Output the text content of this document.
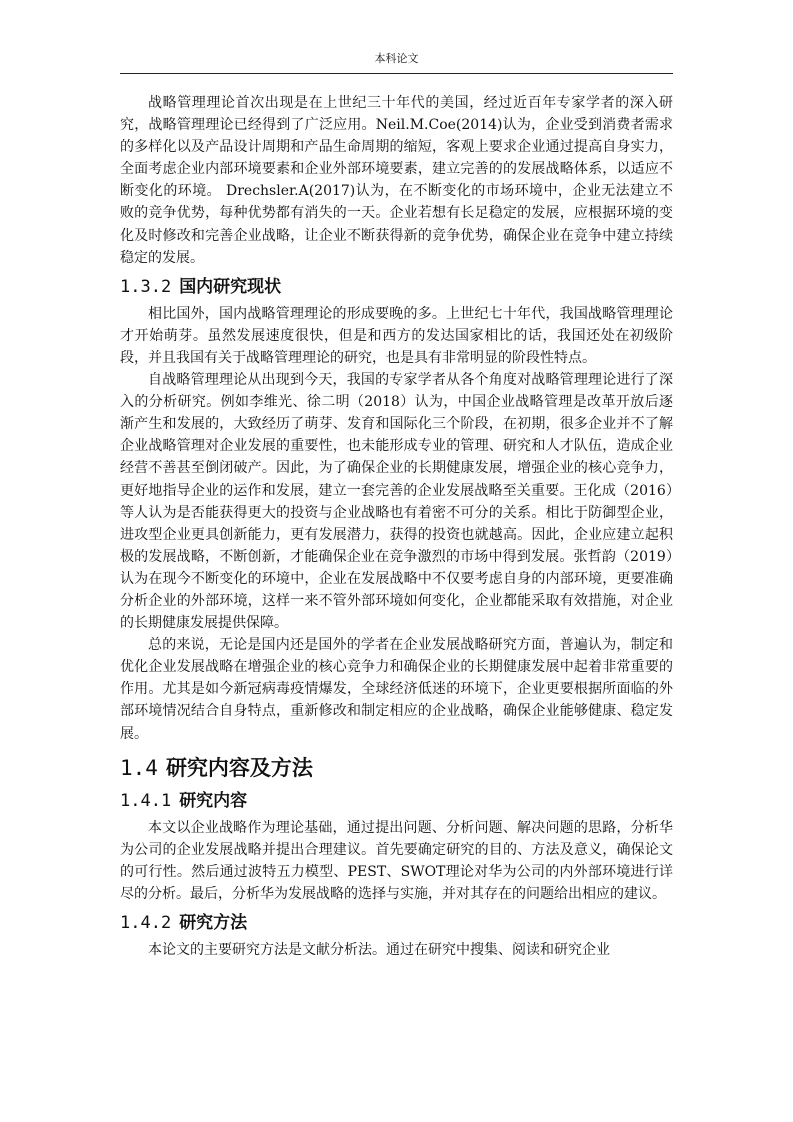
本科论文

战略管理理论首次出现是在上世纪三十年代的美国，经过近百年专家学者的深入研究，战略管理理论已经得到了广泛应用。Neil.M.Coe(2014)认为，企业受到消费者需求的多样化以及产品设计周期和产品生命周期的缩短，客观上要求企业通过提高自身实力，全面考虑企业内部环境要素和企业外部环境要素，建立完善的的发展战略体系，以适应不断变化的环境。 Drechsler.A(2017)认为，在不断变化的市场环境中，企业无法建立不败的竞争优势，每种优势都有消失的一天。企业若想有长足稳定的发展，应根据环境的变化及时修改和完善企业战略，让企业不断获得新的竞争优势，确保企业在竞争中建立持续稳定的发展。

1.3.2 国内研究现状

相比国外，国内战略管理理论的形成要晚的多。上世纪七十年代，我国战略管理理论才开始萌芽。虽然发展速度很快，但是和西方的发达国家相比的话，我国还处在初级阶段，并且我国有关于战略管理理论的研究，也是具有非常明显的阶段性特点。

自战略管理理论从出现到今天，我国的专家学者从各个角度对战略管理理论进行了深入的分析研究。例如李维光、徐二明（2018）认为，中国企业战略管理是改革开放后逐渐产生和发展的，大致经历了萌芽、发育和国际化三个阶段，在初期，很多企业并不了解企业战略管理对企业发展的重要性，也未能形成专业的管理、研究和人才队伍，造成企业经营不善甚至倒闭破产。因此，为了确保企业的长期健康发展，增强企业的核心竞争力，更好地指导企业的运作和发展，建立一套完善的企业发展战略至关重要。王化成（2016）等人认为是否能获得更大的投资与企业战略也有着密不可分的关系。相比于防御型企业，进攻型企业更具创新能力，更有发展潜力，获得的投资也就越高。因此，企业应建立起积极的发展战略，不断创新，才能确保企业在竞争激烈的市场中得到发展。张哲韵（2019）认为在现今不断变化的环境中，企业在发展战略中不仅要考虑自身的内部环境，更要准确分析企业的外部环境，这样一来不管外部环境如何变化，企业都能采取有效措施，对企业的长期健康发展提供保障。

总的来说，无论是国内还是国外的学者在企业发展战略研究方面，普遍认为，制定和优化企业发展战略在增强企业的核心竞争力和确保企业的长期健康发展中起着非常重要的作用。尤其是如今新冠病毒疫情爆发，全球经济低迷的环境下，企业更要根据所面临的外部环境情况结合自身特点，重新修改和制定相应的企业战略，确保企业能够健康、稳定发展。

1.4 研究内容及方法
1.4.1 研究内容

本文以企业战略作为理论基础，通过提出问题、分析问题、解决问题的思路，分析华为公司的企业发展战略并提出合理建议。首先要确定研究的目的、方法及意义，确保论文的可行性。然后通过波特五力模型、PEST、SWOT理论对华为公司的内外部环境进行详尽的分析。最后，分析华为发展战略的选择与实施，并对其存在的问题给出相应的建议。

1.4.2 研究方法

本论文的主要研究方法是文献分析法。通过在研究中搜集、阅读和研究企业
